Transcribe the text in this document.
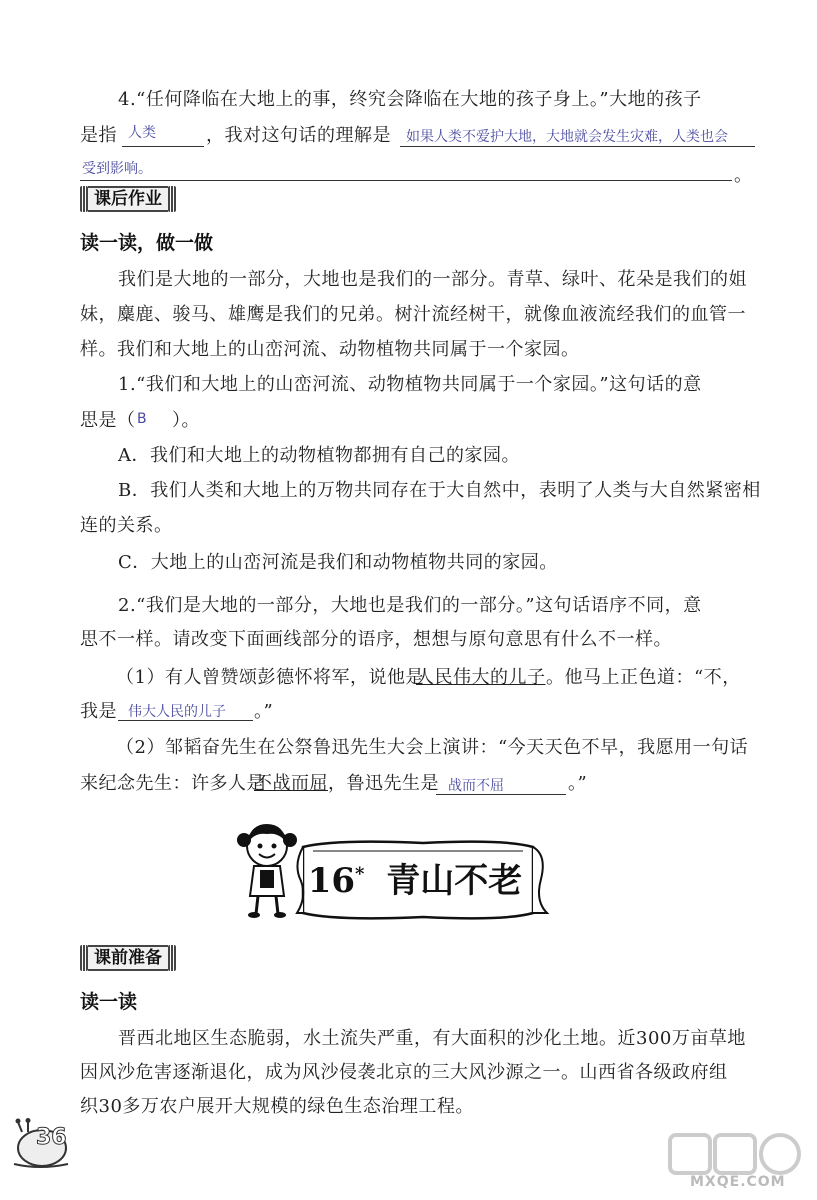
4.“任何降临在大地上的事，终究会降临在大地的孩子身上。”大地的孩子
是指 人类	，我对这句话的理解是 如果人类不爱护大地，大地就会发生灾难，人类也会
受到影响。	。
课后作业
读一读，做一做
我们是大地的一部分，大地也是我们的一部分。青草、绿叶、花朵是我们的姐
妹，麋鹿、骏马、雄鹰是我们的兄弟。树汁流经树干，就像血液流经我们的血管一
样。我们和大地上的山峦河流、动物植物共同属于一个家园。
1.“我们和大地上的山峦河流、动物植物共同属于一个家园。”这句话的意
思是（ B ）。
A．我们和大地上的动物植物都拥有自己的家园。
B．我们人类和大地上的万物共同存在于大自然中，表明了人类与大自然紧密相
连的关系。
C．大地上的山峦河流是我们和动物植物共同的家园。
2.“我们是大地的一部分，大地也是我们的一部分。”这句话语序不同，意
思不一样。请改变下面画线部分的语序，想想与原句意思有什么不一样。
（1）有人曾赞颂彭德怀将军，说他是
人民伟大的儿子 。他马上正色道：“不，
我是 伟大人民的儿子 。”
（2）邹韬奋先生在公祭鲁迅先生大会上演讲：“今天天色不早，我愿用一句话
来纪念先生：许多人是
不战而屈 ，鲁迅先生是 战而不屈	。”
16* 青山不老
课前准备
读一读
晋西北地区生态脆弱，水土流失严重，有大面积的沙化土地。近300万亩草地
因风沙危害逐渐退化，成为风沙侵袭北京的三大风沙源之一。山西省各级政府组
织30多万农户展开大规模的绿色生态治理工程。
36
MXQE.COM
